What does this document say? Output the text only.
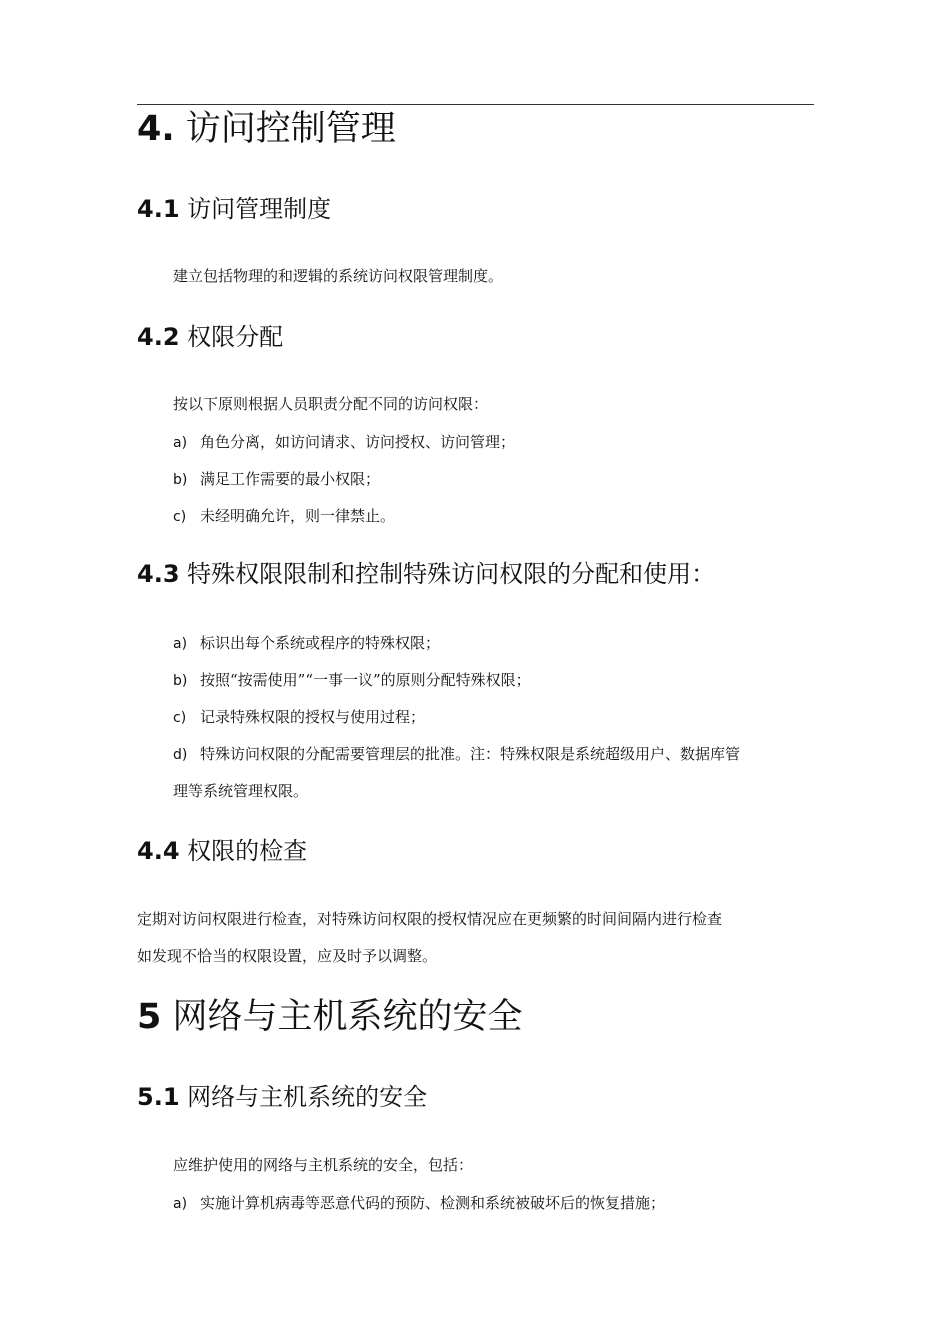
4. 访问控制管理
4.1 访问管理制度
建立包括物理的和逻辑的系统访问权限管理制度。
4.2 权限分配
按以下原则根据人员职责分配不同的访问权限：
a) 角色分离，如访问请求、访问授权、访问管理；
b) 满足工作需要的最小权限；
c) 未经明确允许，则一律禁止。
4.3 特殊权限限制和控制特殊访问权限的分配和使用：
a) 标识出每个系统或程序的特殊权限；
b) 按照“按需使用”“一事一议”的原则分配特殊权限；
c) 记录特殊权限的授权与使用过程；
d) 特殊访问权限的分配需要管理层的批准。注：特殊权限是系统超级用户、数据库管
理等系统管理权限。
4.4 权限的检查
定期对访问权限进行检查，对特殊访问权限的授权情况应在更频繁的时间间隔内进行检查
如发现不恰当的权限设置，应及时予以调整。
5 网络与主机系统的安全
5.1 网络与主机系统的安全
应维护使用的网络与主机系统的安全，包括：
a) 实施计算机病毒等恶意代码的预防、检测和系统被破坏后的恢复措施；
